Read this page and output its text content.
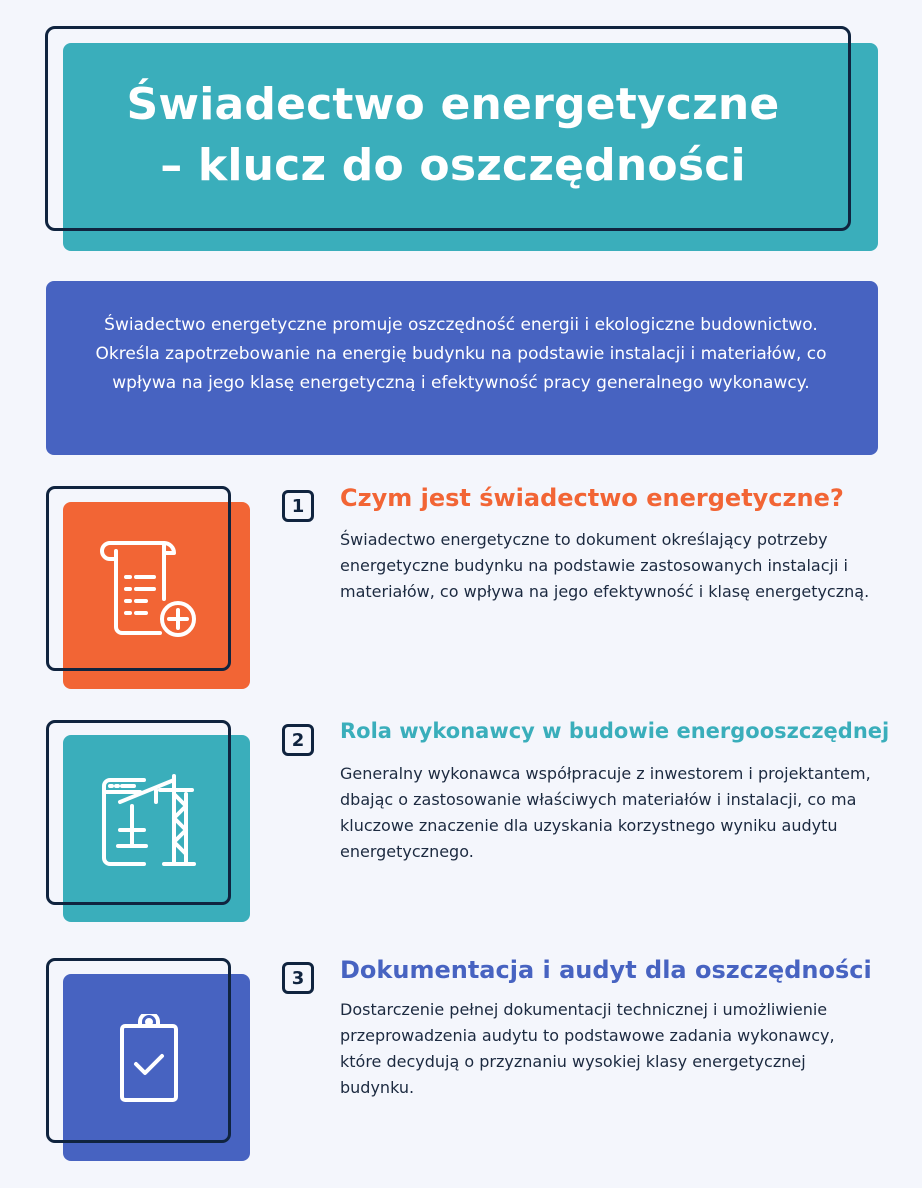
Świadectwo energetyczne
– klucz do oszczędności

Świadectwo energetyczne promuje oszczędność energii i ekologiczne budownictwo. Określa zapotrzebowanie na energię budynku na podstawie instalacji i materiałów, co wpływa na jego klasę energetyczną i efektywność pracy generalnego wykonawcy.

1	Czym jest świadectwo energetyczne?

Świadectwo energetyczne to dokument określający potrzeby energetyczne budynku na podstawie zastosowanych instalacji i materiałów, co wpływa na jego efektywność i klasę energetyczną.

2	Rola wykonawcy w budowie energooszczędnej

Generalny wykonawca współpracuje z inwestorem i projektantem, dbając o zastosowanie właściwych materiałów i instalacji, co ma kluczowe znaczenie dla uzyskania korzystnego wyniku audytu energetycznego.

3	Dokumentacja i audyt dla oszczędności

Dostarczenie pełnej dokumentacji technicznej i umożliwienie przeprowadzenia audytu to podstawowe zadania wykonawcy, które decydują o przyznaniu wysokiej klasy energetycznej budynku.
